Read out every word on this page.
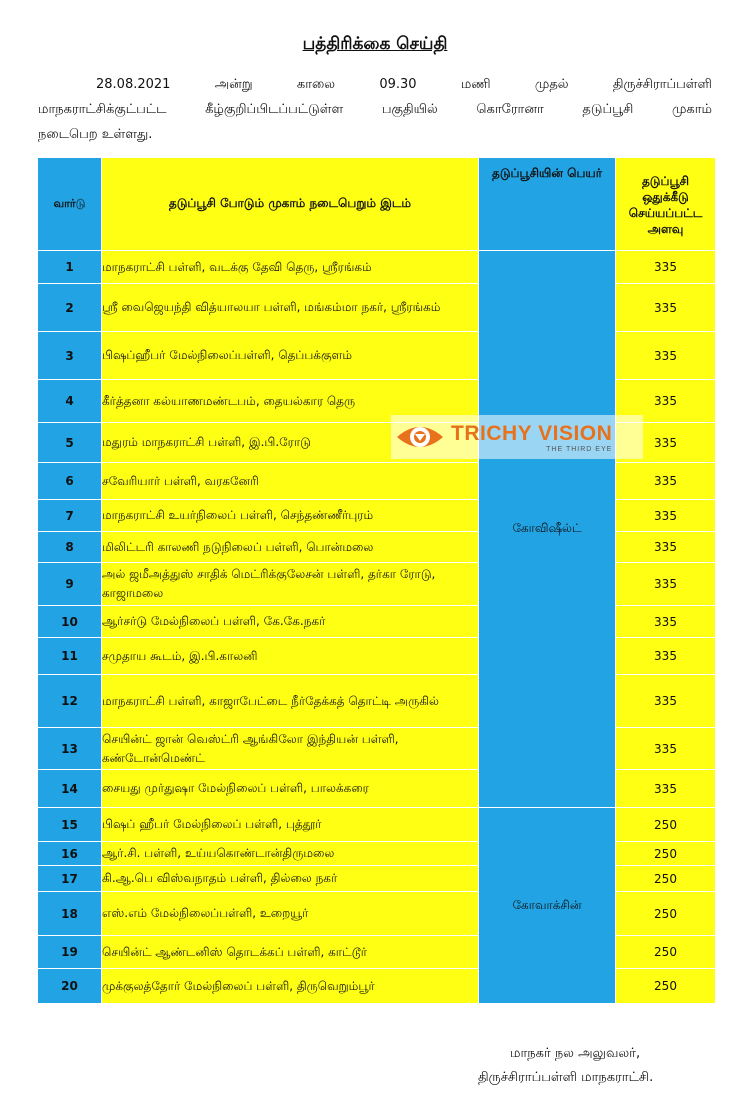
பத்திரிக்கை செய்தி
28.08.2021	அன்று	காலை	09.30	மணி	முதல்	திருச்சிராப்பள்ளி
மாநகராட்சிக்குட்பட்ட	கீழ்குறிப்பிடப்பட்டுள்ள	பகுதியில்	கொரோனா	தடுப்பூசி	முகாம்
நடைபெற உள்ளது.
வார்டு	தடுப்பூசி போடும் முகாம் நடைபெறும் இடம்	தடுப்பூசியின் பெயர்	தடுப்பூசி
ஒதுக்கீடு
செய்யப்பட்ட
அளவு

1	மாநகராட்சி பள்ளி, வடக்கு தேவி தெரு, ஸ்ரீரங்கம்	கோவிஷீல்ட்	335
2	ஸ்ரீ வைஜெயந்தி வித்யாலயா பள்ளி, மங்கம்மா நகர், ஸ்ரீரங்கம்		335
3	பிஷப்ஹீபர் மேல்நிலைப்பள்ளி, தெப்பக்குளம்		335
4	கீர்த்தனா கல்யாணமண்டபம், தையல்கார தெரு		335
5	மதுரம் மாநகராட்சி பள்ளி, இ.பி.ரோடு		335
6	சவேரியார் பள்ளி, வரகனேரி		335
7	மாநகராட்சி உயர்நிலைப் பள்ளி, செந்தண்ணீர்புரம்		335
8	மிலிட்டரி காலணி நடுநிலைப் பள்ளி, பொன்மலை		335
9	அல் ஜமீஅத்துஸ் சாதிக் மெட்ரிக்குலேசன் பள்ளி, தர்கா ரோடு, காஜாமலை		335
10	ஆர்சர்டு மேல்நிலைப் பள்ளி, கே.கே.நகர்		335
11	சமுதாய கூடம், இ.பி.காலனி		335
12	மாநகராட்சி பள்ளி, காஜாபேட்டை நீர்தேக்கத் தொட்டி அருகில்		335
13	செயின்ட் ஜான் வெஸ்ட்ரி ஆங்கிலோ இந்தியன் பள்ளி, கண்டோன்மெண்ட்		335
14	சையது முர்துஷா மேல்நிலைப் பள்ளி, பாலக்கரை		335
15	பிஷப் ஹீபர் மேல்நிலைப் பள்ளி, புத்தூர்	கோவாக்சின்	250
16	ஆர்.சி. பள்ளி, உய்யகொண்டான்திருமலை		250
17	கி.ஆ.பெ விஸ்வநாதம் பள்ளி, தில்லை நகர்		250
18	எஸ்.எம் மேல்நிலைப்பள்ளி, உறையூர்		250
19	செயின்ட் ஆண்டனிஸ் தொடக்கப் பள்ளி, காட்டூர்		250
20	முக்குலத்தோர் மேல்நிலைப் பள்ளி, திருவெறும்பூர்		250
TRICHY VISION
THE THIRD EYE
மாநகர் நல அலுவலர்,
திருச்சிராப்பள்ளி மாநகராட்சி.
